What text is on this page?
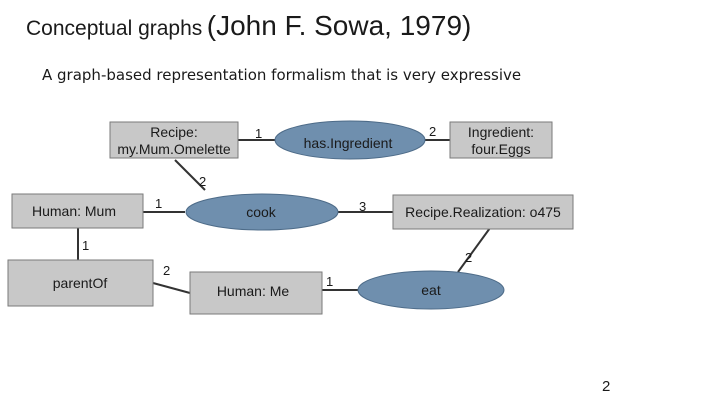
Conceptual graphs (John F. Sowa, 1979)
A graph-based representation formalism that is very expressive
Recipe:
my.Mum.Omelette
Ingredient:
four.Eggs
Human: Mum	Recipe.Realization: o475
parentOf	Human: Me
has.Ingredient
cook
eat
1	2
2
1	3
1
2
1
2
2
